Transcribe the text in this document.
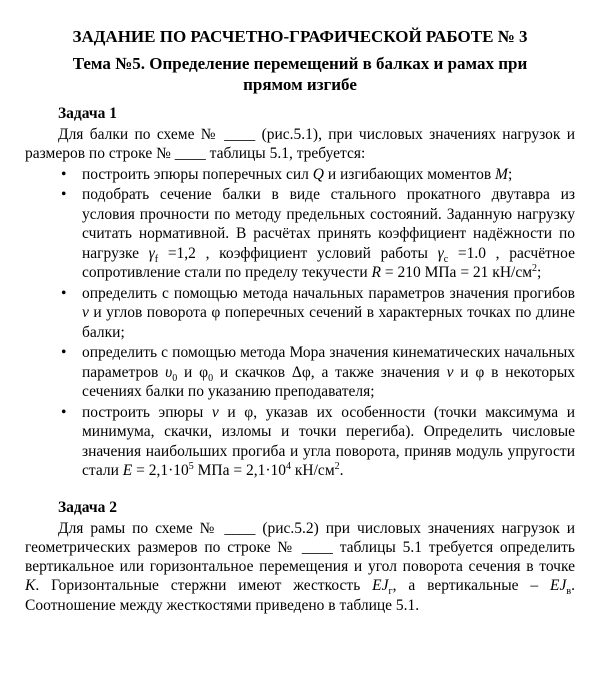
ЗАДАНИЕ ПО РАСЧЕТНО-ГРАФИЧЕСКОЙ РАБОТЕ № 3
Тема №5. Определение перемещений в балках и рамах при прямом изгибе
Задача 1

Для балки по схеме № ____ (рис.5.1), при числовых значениях нагрузок и размеров по строке № ____ таблицы 5.1, требуется:

• построить эпюры поперечных сил Q и изгибающих моментов M;
• подобрать сечение балки в виде стального прокатного двутавра из условия прочности по методу предельных состояний. Заданную нагрузку считать нормативной. В расчётах принять коэффициент надёжности по нагрузке $\gamma_f =1,2$ , коэффициент условий работы $\gamma_c =1.0$ , расчётное сопротивление стали по пределу текучести R = 210 МПа = 21 $кН/см^2$;
• определить с помощью метода начальных параметров значения прогибов ν и углов поворота φ поперечных сечений в характерных точках по длине балки;
• определить с помощью метода Мора значения кинематических начальных параметров $\upsilon_0$ и $\varphi_0$ и скачков Δφ, а также значения ν и φ в некоторых сечениях балки по указанию преподавателя;
• построить эпюры ν и φ, указав их особенности (точки максимума и минимума, скачки, изломы и точки перегиба). Определить числовые значения наибольших прогиба и угла поворота, приняв модуль упругости стали $E = 2,1\cdot 10^5$ МПа = $2,1\cdot 10^4$ $кН/см^2$.
Задача 2

Для рамы по схеме № ____ (рис.5.2) при числовых значениях нагрузок и геометрических размеров по строке № ____ таблицы 5.1 требуется определить вертикальное или горизонтальное перемещения и угол поворота сечения в точке K. Горизонтальные стержни имеют жесткость $EJ_г$, а вертикальные – $EJ_в$. Соотношение между жесткостями приведено в таблице 5.1.
